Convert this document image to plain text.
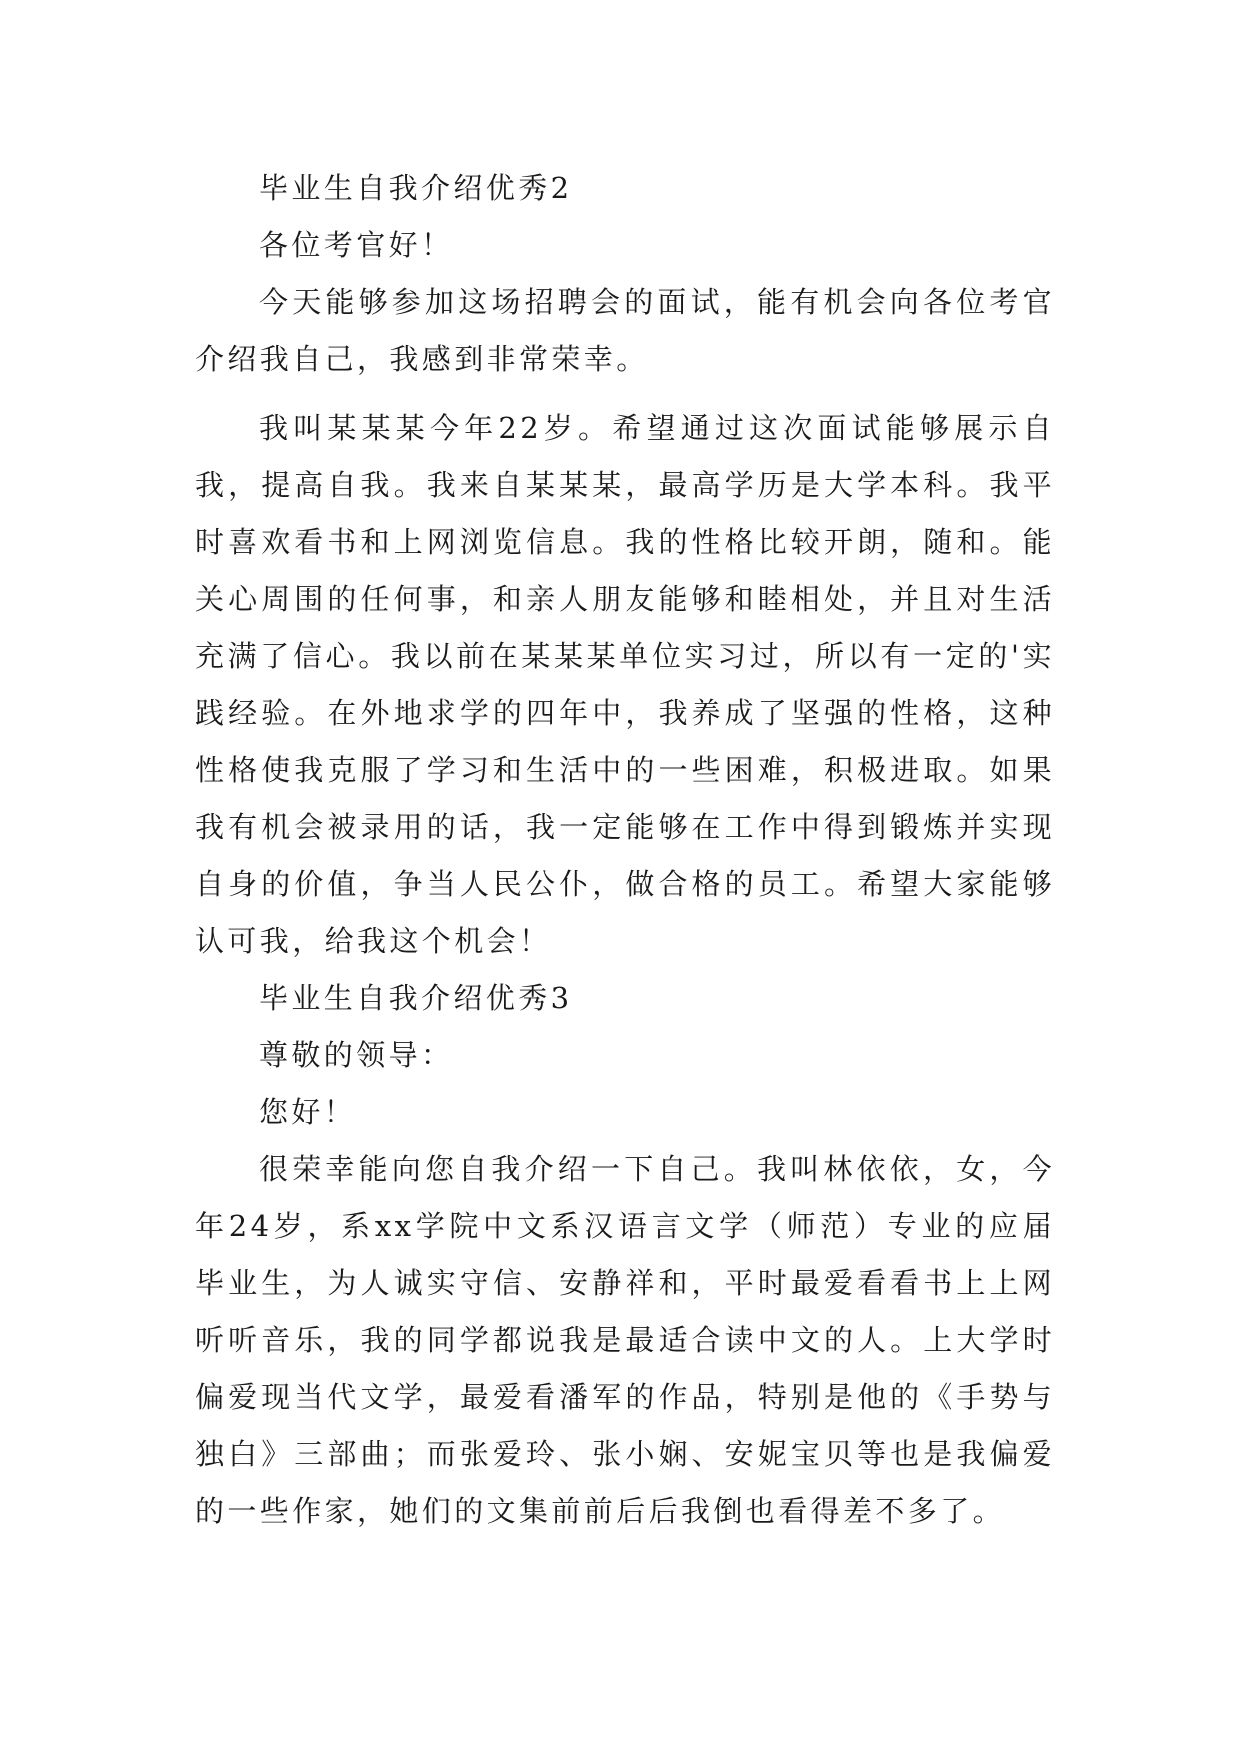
毕业生自我介绍优秀2

各位考官好！

今天能够参加这场招聘会的面试，能有机会向各位考官介绍我自己，我感到非常荣幸。

我叫某某某今年22岁。希望通过这次面试能够展示自我，提高自我。我来自某某某，最高学历是大学本科。我平时喜欢看书和上网浏览信息。我的性格比较开朗，随和。能关心周围的任何事，和亲人朋友能够和睦相处，并且对生活充满了信心。我以前在某某某单位实习过，所以有一定的'实践经验。在外地求学的四年中，我养成了坚强的性格，这种性格使我克服了学习和生活中的一些困难，积极进取。如果我有机会被录用的话，我一定能够在工作中得到锻炼并实现自身的价值，争当人民公仆，做合格的员工。希望大家能够认可我，给我这个机会！

毕业生自我介绍优秀3

尊敬的领导：

您好！

很荣幸能向您自我介绍一下自己。我叫林依依，女，今年24岁，系xx学院中文系汉语言文学（师范）专业的应届毕业生，为人诚实守信、安静祥和，平时最爱看看书上上网听听音乐，我的同学都说我是最适合读中文的人。上大学时偏爱现当代文学，最爱看潘军的作品，特别是他的《手势与独白》三部曲；而张爱玲、张小娴、安妮宝贝等也是我偏爱的一些作家，她们的文集前前后后我倒也看得差不多了。
